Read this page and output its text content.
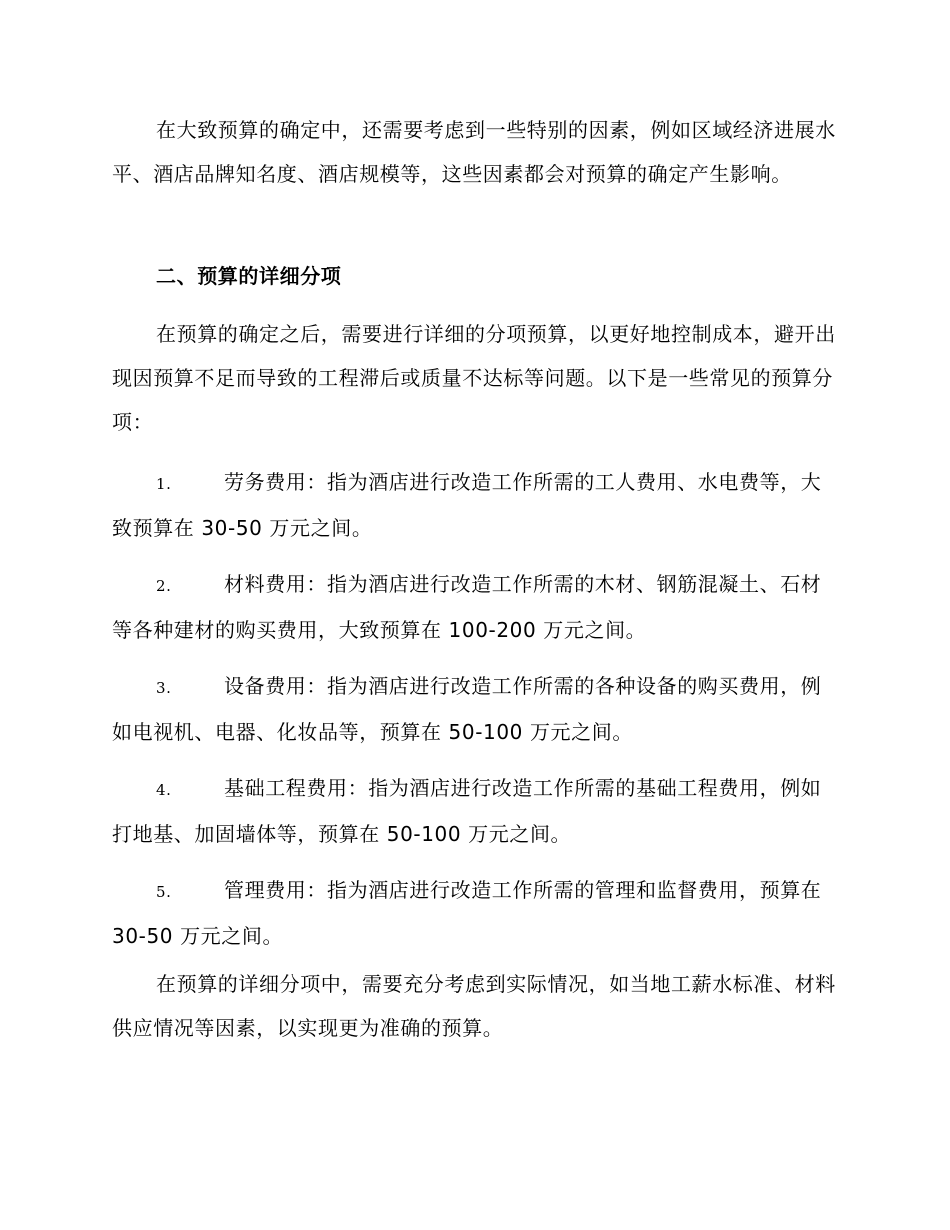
在大致预算的确定中，还需要考虑到一些特别的因素，例如区域经济进展水平、酒店品牌知名度、酒店规模等，这些因素都会对预算的确定产生影响。

二、预算的详细分项

在预算的确定之后，需要进行详细的分项预算，以更好地控制成本，避开出现因预算不足而导致的工程滞后或质量不达标等问题。以下是一些常见的预算分项：

1.	劳务费用：指为酒店进行改造工作所需的工人费用、水电费等，大致预算在 30-50 万元之间。

2.	材料费用：指为酒店进行改造工作所需的木材、钢筋混凝土、石材等各种建材的购买费用，大致预算在 100-200 万元之间。

3.	设备费用：指为酒店进行改造工作所需的各种设备的购买费用，例如电视机、电器、化妆品等，预算在 50-100 万元之间。

4.	基础工程费用：指为酒店进行改造工作所需的基础工程费用，例如打地基、加固墙体等，预算在 50-100 万元之间。

5.	管理费用：指为酒店进行改造工作所需的管理和监督费用，预算在 30-50 万元之间。

在预算的详细分项中，需要充分考虑到实际情况，如当地工薪水标准、材料供应情况等因素，以实现更为准确的预算。
